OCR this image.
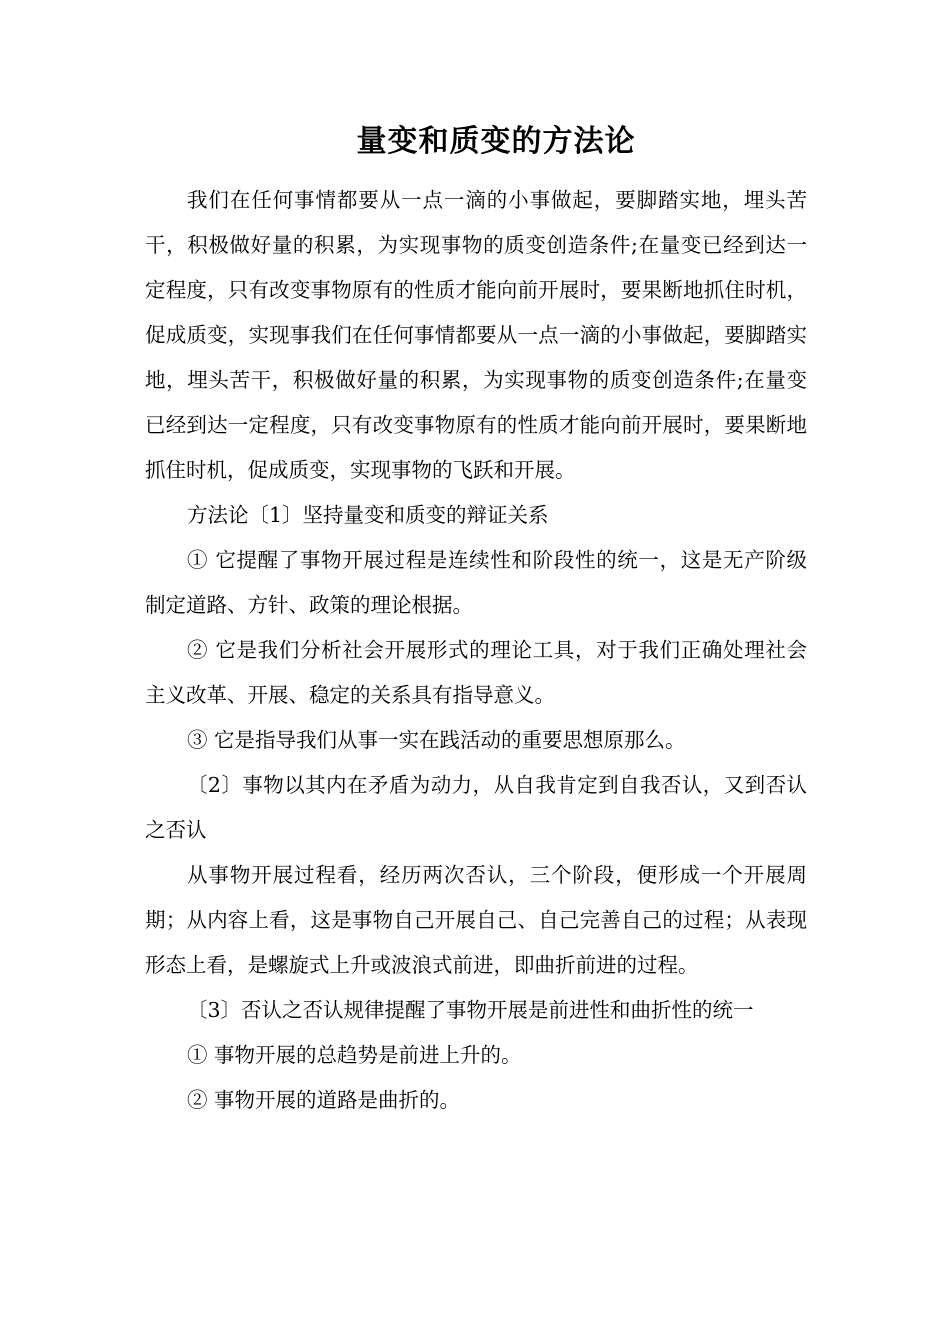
量变和质变的方法论

我们在任何事情都要从一点一滴的小事做起，要脚踏实地，埋头苦干，积极做好量的积累，为实现事物的质变创造条件;在量变已经到达一定程度，只有改变事物原有的性质才能向前开展时，要果断地抓住时机，促成质变，实现事我们在任何事情都要从一点一滴的小事做起，要脚踏实地，埋头苦干，积极做好量的积累，为实现事物的质变创造条件;在量变已经到达一定程度，只有改变事物原有的性质才能向前开展时，要果断地抓住时机，促成质变，实现事物的飞跃和开展。

方法论〔1〕坚持量变和质变的辩证关系

① 它提醒了事物开展过程是连续性和阶段性的统一，这是无产阶级制定道路、方针、政策的理论根据。

② 它是我们分析社会开展形式的理论工具，对于我们正确处理社会主义改革、开展、稳定的关系具有指导意义。

③ 它是指导我们从事一实在践活动的重要思想原那么。

〔2〕事物以其内在矛盾为动力，从自我肯定到自我否认，又到否认之否认

从事物开展过程看，经历两次否认，三个阶段，便形成一个开展周期；从内容上看，这是事物自己开展自己、自己完善自己的过程；从表现形态上看，是螺旋式上升或波浪式前进，即曲折前进的过程。

〔3〕否认之否认规律提醒了事物开展是前进性和曲折性的统一

① 事物开展的总趋势是前进上升的。

② 事物开展的道路是曲折的。
